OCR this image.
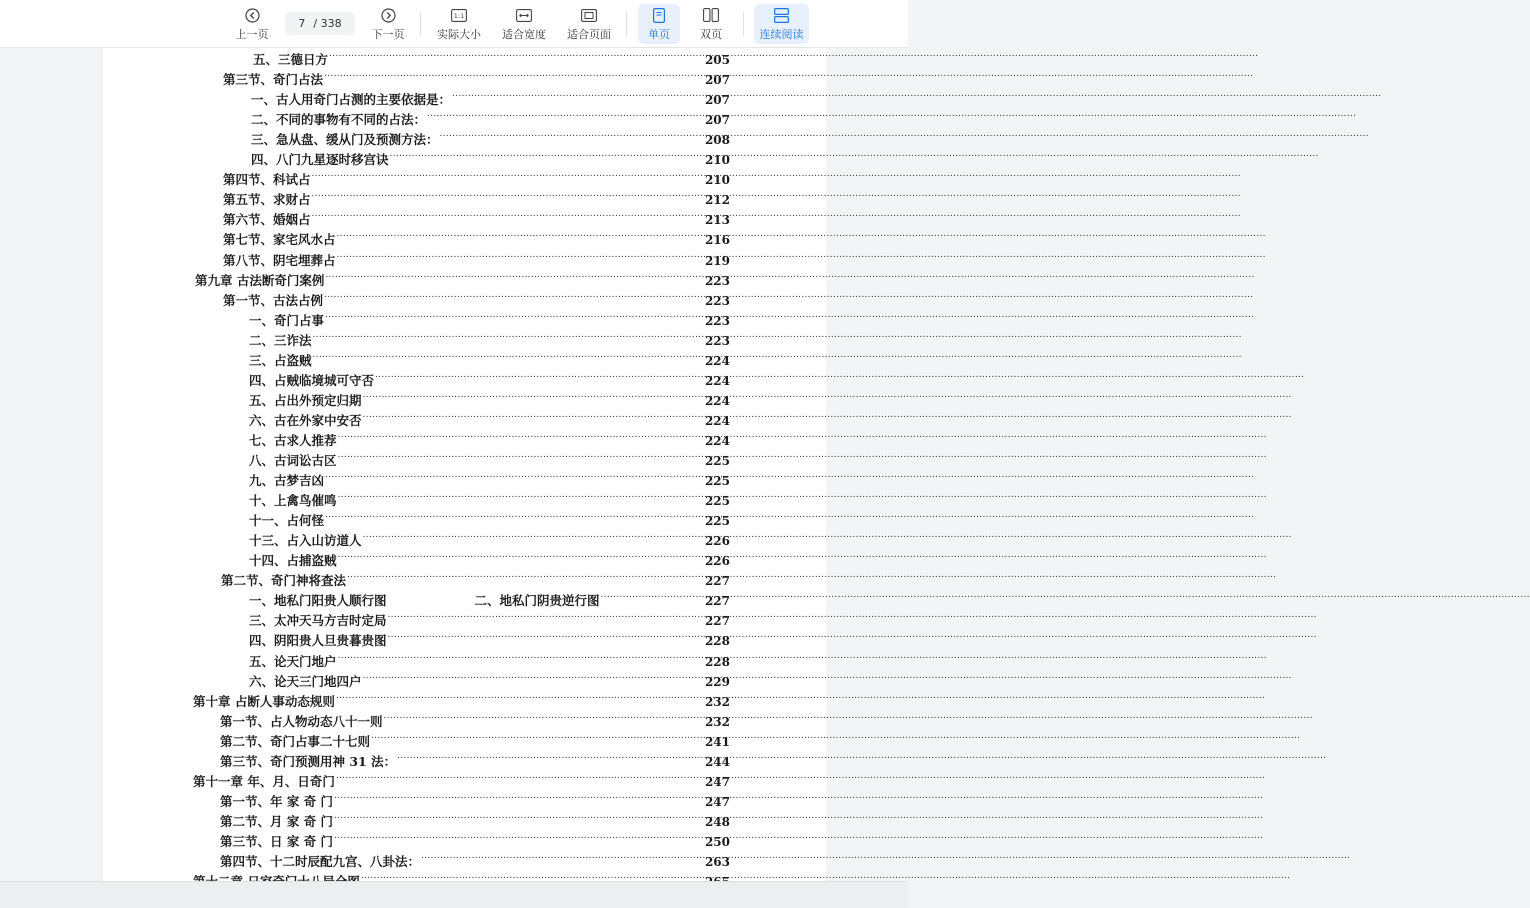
上一页
7 / 338
下一页
1:1
实际大小 适合宽度 适合页面	单页	双页	连续阅读
五、三德日方 .....	205
第三节、奇门占法 .....	207
一、古人用奇门占测的主要依据是： .....	207
二、不同的事物有不同的占法： .....	207
三、急从盘、缓从门及预测方法： .....	208
四、八门九星逐时移宫诀 .....	210
第四节、科试占 .....	210
第五节、求财占 .....	212
第六节、婚姻占 .....	213
第七节、家宅风水占 .....	216
第八节、阴宅埋葬占 .....	219
第九章 古法断奇门案例 .....	223
第一节、古法占例 .....	223
一、奇门占事 .....	223
二、三诈法 .....	223
三、占盗贼 .....	224
四、占贼临境城可守否 .....	224
五、占出外预定归期 .....	224
六、古在外家中安否 .....	224
七、古求人推荐 .....	224
八、古词讼古区 .....	225
九、古梦吉凶 .....	225
十、上禽鸟催鸣 .....	225
十一、占何怪 .....	225
十三、占入山访道人 .....	226
十四、占捕盗贼 .....	226
第二节、奇门神将查法 .....	227
一、地私门阳贵人顺行图	二、地私门阴贵逆行图 .....	227
三、太冲天马方吉时定局 .....	227
四、阴阳贵人旦贵暮贵图 .....	228
五、论天门地户 .....	228
六、论天三门地四户 .....	229
第十章 占断人事动态规则 .....	232
第一节、占人物动态八十一则 .....	232
第二节、奇门占事二十七则 .....	241
第三节、奇门预测用神 31 法： .....	244
第十一章 年、月、日奇门 .....	247
第一节、年 家 奇 门 .....	247
第二节、月 家 奇 门 .....	248
第三节、日 家 奇 门 .....	250
第四节、十二时辰配九宫、八卦法： .....	263
.....
